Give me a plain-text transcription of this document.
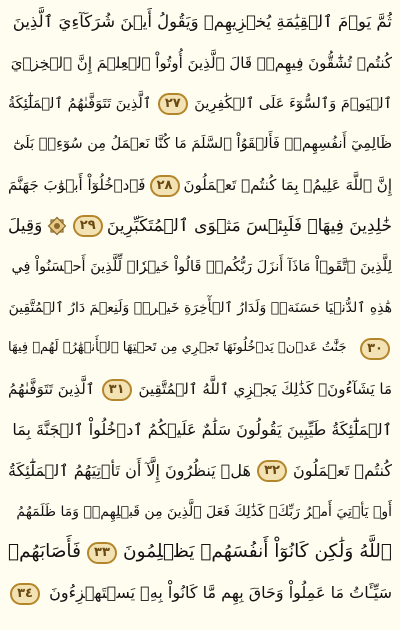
ثُمَّ يَوۡمَ ٱلۡقِيَٰمَةِ يُخۡزِيهِمۡ وَيَقُولُ أَيۡنَ شُرَكَآءِيَ ٱلَّذِينَ
كُنتُمۡ تُشَٰٓقُّونَ فِيهِمۡۚ قَالَ ٱلَّذِينَ أُوتُواْ ٱلۡعِلۡمَ إِنَّ ٱلۡخِزۡيَ
ٱلۡيَوۡمَ وَٱلسُّوٓءَ عَلَى ٱلۡكَٰفِرِينَ
٢٧
ٱلَّذِينَ تَتَوَفَّىٰهُمُ ٱلۡمَلَٰٓئِكَةُ
ظَالِمِيٓ أَنفُسِهِمۡۖ فَأَلۡقَوُاْ ٱلسَّلَمَ مَا كُنَّا نَعۡمَلُ مِن سُوٓءِۭۚ بَلَىٰٓ
إِنَّ ٱللَّهَ عَلِيمُۢ بِمَا كُنتُمۡ تَعۡمَلُونَ
٢٨
فَٱدۡخُلُوٓاْ أَبۡوَٰبَ جَهَنَّمَ
خَٰلِدِينَ فِيهَاۖ فَلَبِئۡسَ مَثۡوَى ٱلۡمُتَكَبِّرِينَ
٢٩
وَقِيلَ
لِلَّذِينَ ٱتَّقَوۡاْ مَاذَآ أَنزَلَ رَبُّكُمۡۚ قَالُواْ خَيۡرٗاۗ لِّلَّذِينَ أَحۡسَنُواْ فِي
هَٰذِهِ ٱلدُّنۡيَا حَسَنَةٞۚ وَلَدَارُ ٱلۡأٓخِرَةِ خَيۡرٞۚ وَلَنِعۡمَ دَارُ ٱلۡمُتَّقِينَ
٣٠
جَنَّٰتُ عَدۡنٖ يَدۡخُلُونَهَا تَجۡرِي مِن تَحۡتِهَا ٱلۡأَنۡهَٰرُۖ لَهُمۡ فِيهَا
مَا يَشَآءُونَۚ كَذَٰلِكَ يَجۡزِي ٱللَّهُ ٱلۡمُتَّقِينَ
٣١
ٱلَّذِينَ تَتَوَفَّىٰهُمُ
ٱلۡمَلَٰٓئِكَةُ طَيِّبِينَ يَقُولُونَ سَلَٰمٌ عَلَيۡكُمُ ٱدۡخُلُواْ ٱلۡجَنَّةَ بِمَا
كُنتُمۡ تَعۡمَلُونَ
٣٢
هَلۡ يَنظُرُونَ إِلَّآ أَن تَأۡتِيَهُمُ ٱلۡمَلَٰٓئِكَةُ
أَوۡ يَأۡتِيَ أَمۡرُ رَبِّكَۚ كَذَٰلِكَ فَعَلَ ٱلَّذِينَ مِن قَبۡلِهِمۡۚ وَمَا ظَلَمَهُمُ
ٱللَّهُ وَلَٰكِن كَانُوٓاْ أَنفُسَهُمۡ يَظۡلِمُونَ
٣٣
فَأَصَابَهُمۡ
سَيِّـَٔاتُ مَا عَمِلُواْ وَحَاقَ بِهِم مَّا كَانُواْ بِهِۦ يَسۡتَهۡزِءُونَ
٣٤
